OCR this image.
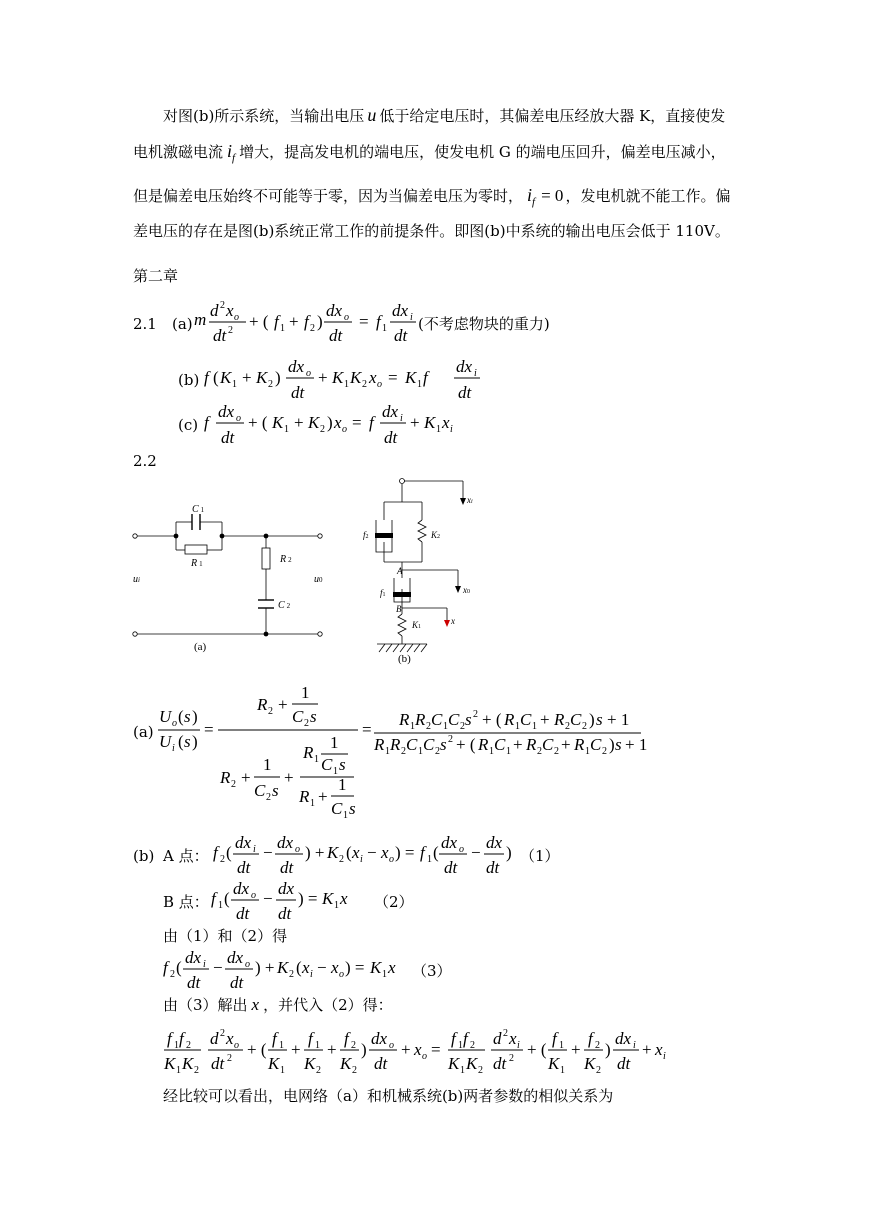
对图(b)所示系统，当输出电压 u 低于给定电压时，其偏差电压经放大器 K，直接使发
电机激磁电流 $i_f$ 增大，提高发电机的端电压，使发电机 G 的端电压回升，偏差电压减小，
但是偏差电压始终不可能等于零，因为当偏差电压为零时， $i_f = 0$ ，发电机就不能工作。偏
差电压的存在是图(b)系统正常工作的前提条件。即图(b)中系统的输出电压会低于 110V。
第二章
2.1 (a) m d 2 x o
dt 2 + ( f 1 + f 2 )
dx o
dt
= f 1
dx i
dt
(不考虑物块的重力)
(b) f ( K 1 + K 2 )
dx o
dt
+ K 1 K 2 x o = K 1 f
dx i
dt
(c) f
dx o
dt
+ ( K 1 + K 2 ) x o = f
dx i
dt
+ K 1 x i
2.2
C 1
R 1	R 2
C 2
ui	u0
(a)
f2	K2
A
f1
B
K1
xi
x0
x
(b)
(a)
U o ( s )
U i ( s )
=
R 2 +
1
C 2 s
R 2 +
1
C 2 s
+
R 1
1
C 1 s
R 1 +
1
C 1 s
=
R 1 R 2 C 1 C 2 s 2 + ( R 1 C 1 + R 2 C 2 ) s + 1
R 1 R 2 C 1 C 2 s 2 + ( R 1 C 1 + R 2 C 2 + R 1 C 2 ) s + 1
(b) A 点： f 2 (
dx i
dt
−
dx o
dt
) + K 2 ( x i − x o ) = f 1 (
dx o
dt
−
dx
dt
) （1）
B 点： f 1 (
dx o
dt
−
dx
dt
) = K 1 x （2）
由（1）和（2）得
f 2 (
dx i
dt
−
dx o
dt
) + K 2 ( x i − x o ) = K 1 x （3）
由（3）解出 x ，并代入（2）得：
f 1 f 2
K 1 K 2
d 2 x o
dt 2 + (
f 1
K 1
+
f 1
K 2
+
f 2
K 2
)
dx o
dt
+ x o =
f 1 f 2
K 1 K 2
d 2 x i
dt 2 + (
f 1
K 1
+
f 2
K 2
)
dx i
dt
+ x i
经比较可以看出，电网络（a）和机械系统(b)两者参数的相似关系为
